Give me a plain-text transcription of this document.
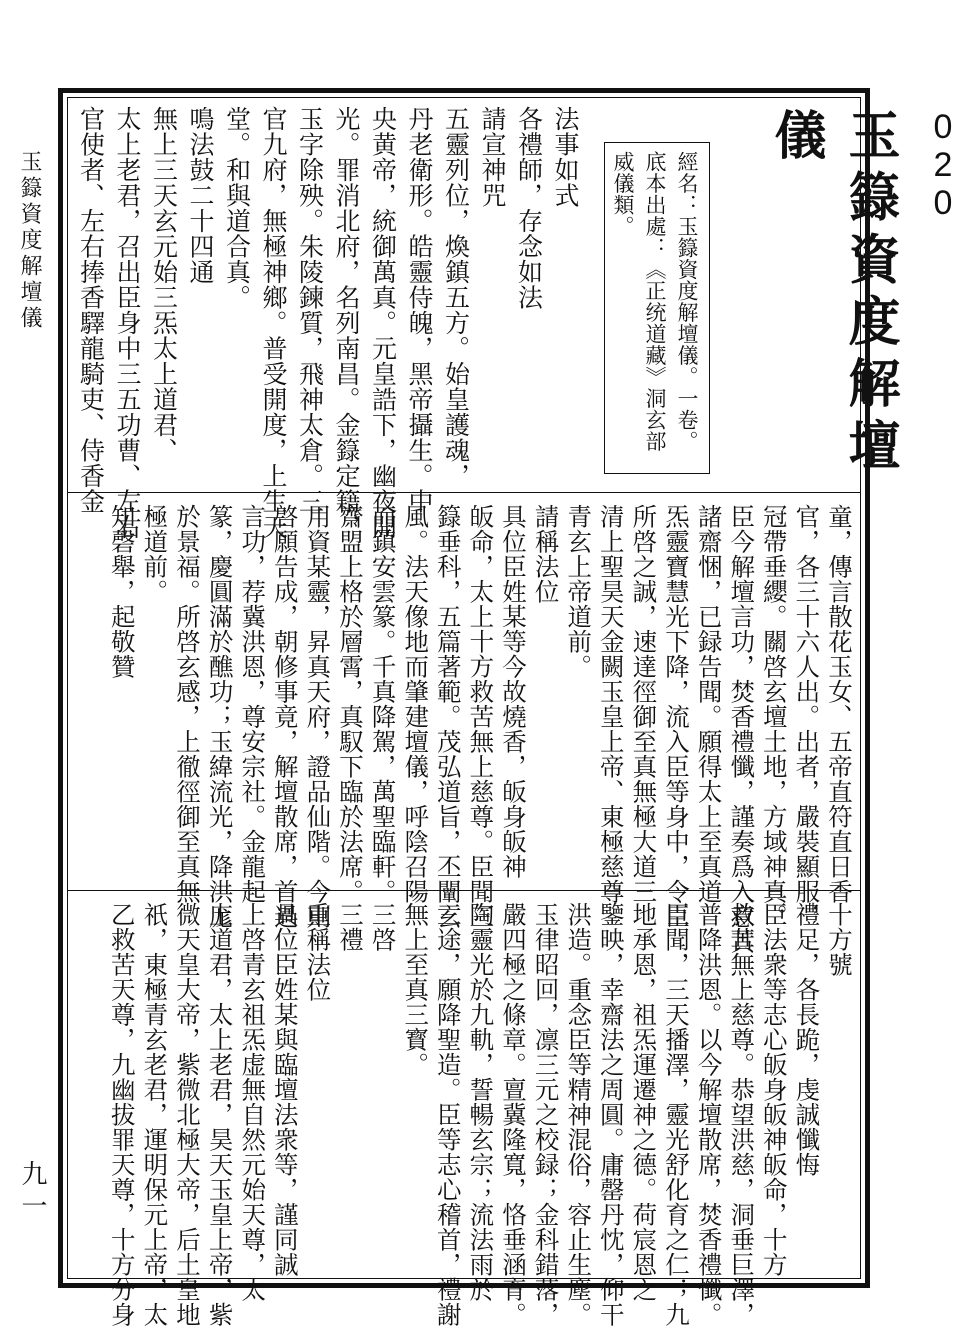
玉籙資度解壇儀
九一
020
玉籙資度解壇儀
經名：玉籙資度解壇儀。一卷。
底本出處：《正统道藏》洞玄部
威儀類。
法事如式
各禮師，存念如法
請宣神咒
五靈列位，煥鎮五方。始皇護魂，
丹老衛形。皓靈侍魄，黑帝攝生。中
央黄帝，統御萬真。元皇誥下，幽夜開
光。罪消北府，名列南昌。金籙定籍，
玉字除殃。朱陵鍊質，飛神太倉。三
官九府，無極神鄉。普受開度，上生天
堂。和與道合真。
鳴法鼓二十四通
無上三天玄元始三炁太上道君、
太上老君，召出臣身中三五功曹、左右
官使者、左右捧香驛龍騎吏、侍香金
童，傳言散花玉女、五帝直符直日香
官，各三十六人出。出者，嚴裝顯服，
冠帶垂纓。關啓玄壇土地，方域神真。
臣今解壇言功，焚香禮懺，謹奏爲入意其
諸齋悃，已録告聞。願得太上至真道
炁靈寶慧光下降，流入臣等身中，令臣
所啓之誠，速達徑御至真無極大道三
清上聖昊天金闕玉皇上帝、東極慈尊
青玄上帝道前。
請稱法位
具位臣姓某等今故燒香，皈身皈神
皈命，太上十方救苦無上慈尊。臣聞三
籙垂科，五篇著範。茂弘道旨，丕闡玄
風。法天像地而肇建壇儀，呼陰召陽
而鎮安雲篆。千真降駕，萬聖臨軒。
齋盟上格於層霄，真馭下臨於法席。
用資某靈，昇真天府，證品仙階。今則
啓願告成，朝修事竟，解壇散席，首過
言功，荐冀洪恩，尊安宗社。金龍起
篆，慶圓滿於醮功；玉緯流光，降洪厖
於景福。所啓玄感，上徹徑御至真無
極道前。
知磬舉，起敬贊
十方號
禮足，各長跪，虔誠懺悔
臣法衆等志心皈身皈神皈命，十方
救苦無上慈尊。恭望洪慈，洞垂巨澤，
普降洪恩。以今解壇散席，焚香禮懺。
臣聞，三天播澤，靈光舒化育之仁；九
地承恩，祖炁運遷神之德。荷宸恩之
鑒映，幸齋法之周圓。庸罄丹忱，仰干
洪造。重念臣等精神混俗，容止生塵。
玉律昭回，凛三元之校録；金科錯落，
嚴四極之條章。亶冀隆寬，恪垂涵育。
陶靈光於九軌，誓暢玄宗；流法雨於
三途，願降聖造。臣等志心稽首，禮謝
無上至真三寳。
三啓
三禮
重稱法位
具位臣姓某與臨壇法衆等，謹同誠
上啓青玄祖炁虚無自然元始天尊，太
上道君，太上老君，昊天玉皇上帝，紫
微天皇大帝，紫微北極大帝，后土皇地
祇，東極青玄老君，運明保元上帝，太
乙救苦天尊，九幽拔罪天尊，十方分身
